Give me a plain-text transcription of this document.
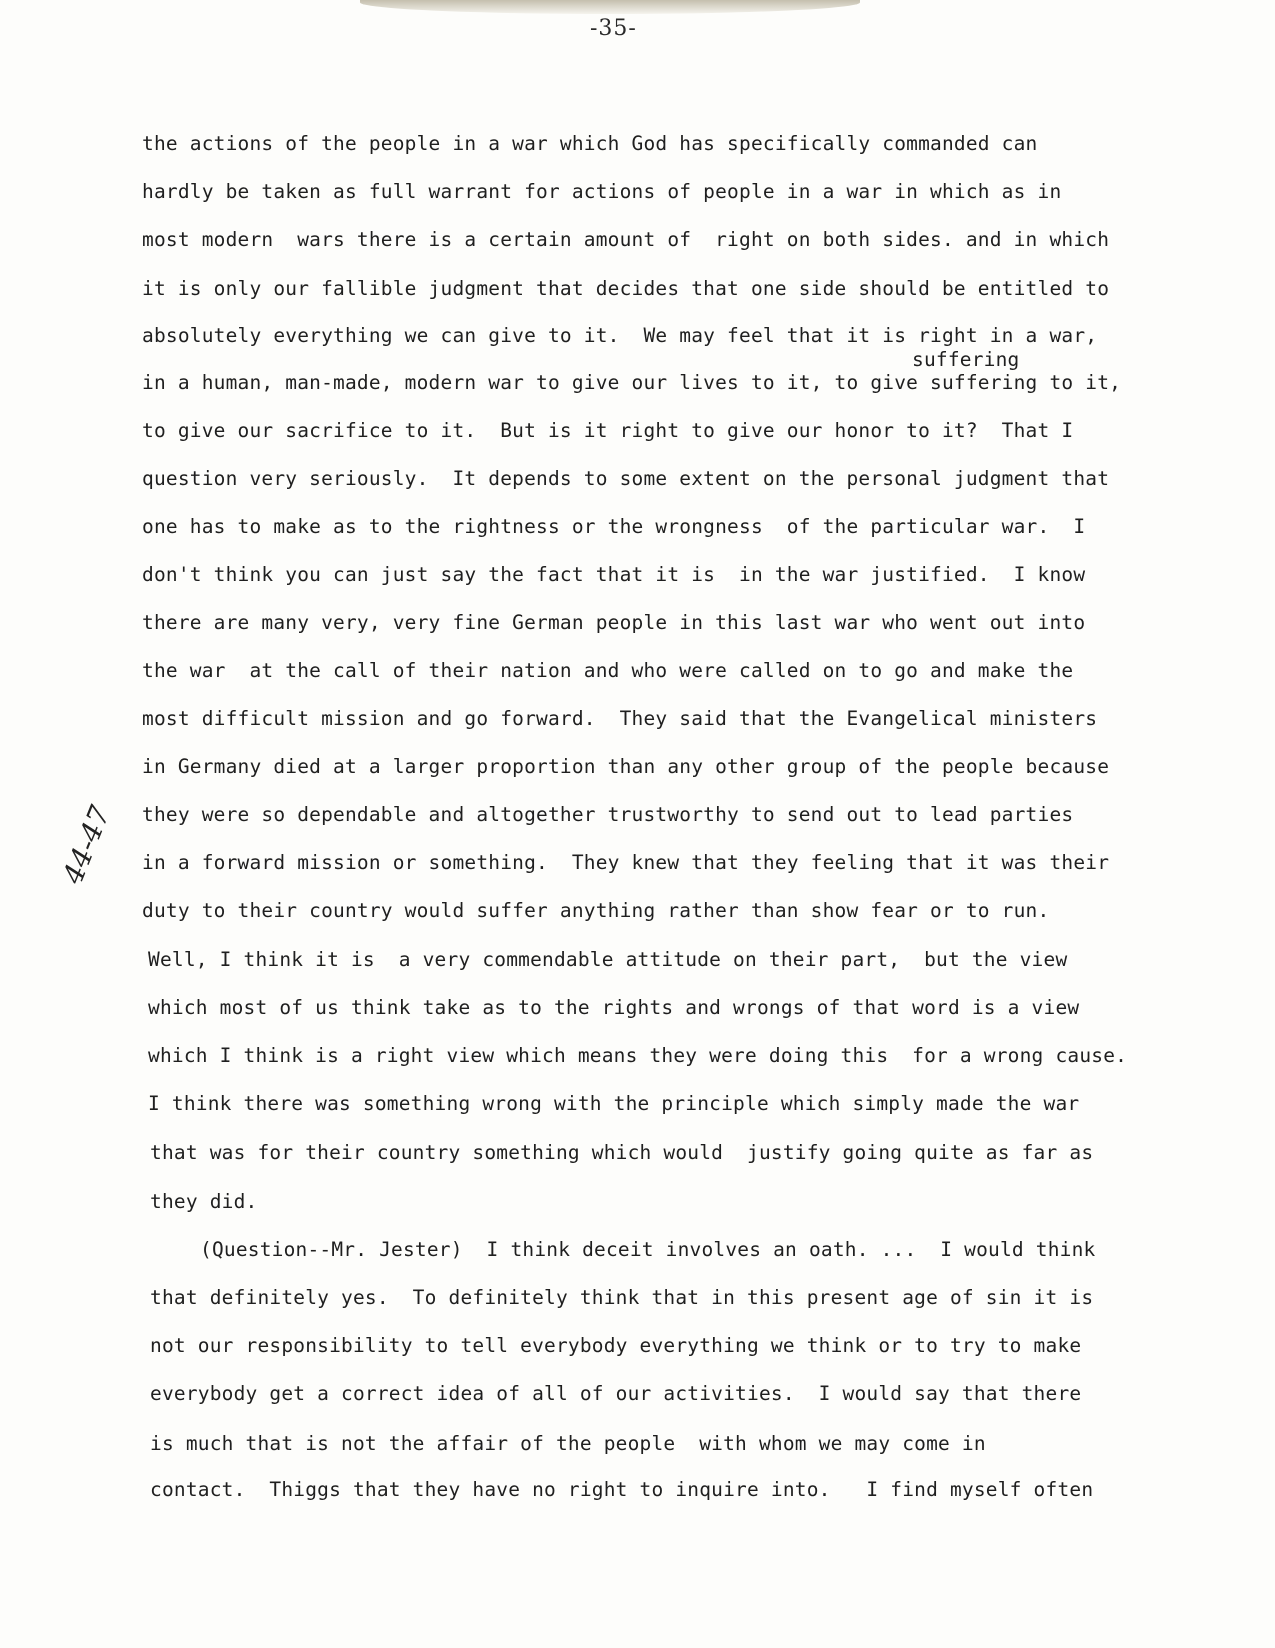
-35-
44-47
the actions of the people in a war which God has specifically commanded can
hardly be taken as full warrant for actions of people in a war in which as in
most modern  wars there is a certain amount of  right on both sides. and in which
it is only our fallible judgment that decides that one side should be entitled to
absolutely everything we can give to it.  We may feel that it is right in a war,
suffering
in a human, man-made, modern war to give our lives to it, to give suffering to it,
to give our sacrifice to it.  But is it right to give our honor to it?  That I
question very seriously.  It depends to some extent on the personal judgment that
one has to make as to the rightness or the wrongness  of the particular war.  I
don't think you can just say the fact that it is  in the war justified.  I know
there are many very, very fine German people in this last war who went out into
the war  at the call of their nation and who were called on to go and make the
most difficult mission and go forward.  They said that the Evangelical ministers
in Germany died at a larger proportion than any other group of the people because
they were so dependable and altogether trustworthy to send out to lead parties
in a forward mission or something.  They knew that they feeling that it was their
duty to their country would suffer anything rather than show fear or to run.
Well, I think it is  a very commendable attitude on their part,  but the view
which most of us think take as to the rights and wrongs of that word is a view
which I think is a right view which means they were doing this  for a wrong cause.
I think there was something wrong with the principle which simply made the war
that was for their country something which would  justify going quite as far as
they did.
(Question--Mr. Jester)  I think deceit involves an oath. ...  I would think
that definitely yes.  To definitely think that in this present age of sin it is
not our responsibility to tell everybody everything we think or to try to make
everybody get a correct idea of all of our activities.  I would say that there
is much that is not the affair of the people  with whom we may come in
contact.  Thiggs that they have no right to inquire into.   I find myself often
